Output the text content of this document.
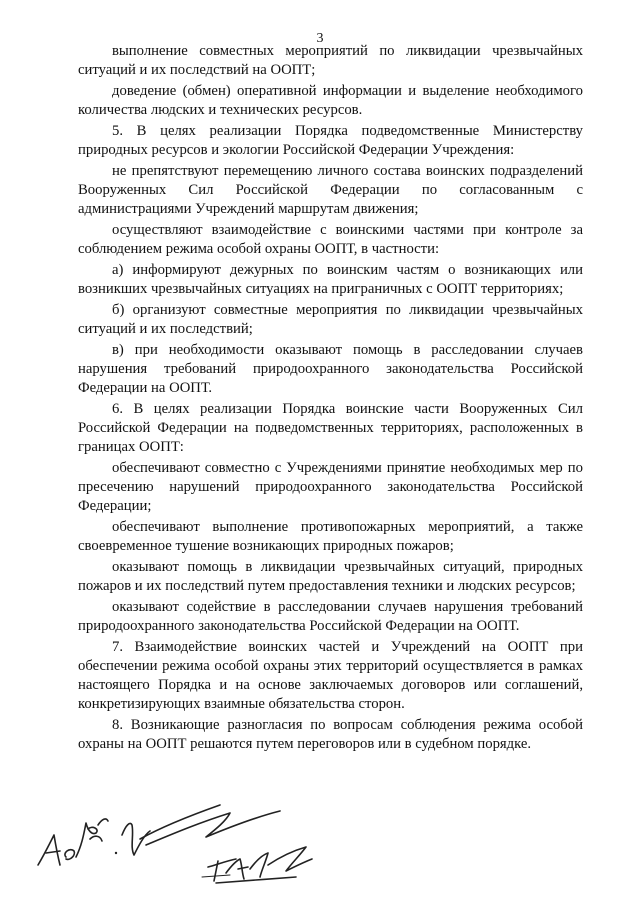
3

выполнение совместных мероприятий по ликвидации чрезвычайных ситуаций и их последствий на ООПТ;

доведение (обмен) оперативной информации и выделение необходимого количества людских и технических ресурсов.

5. В целях реализации Порядка подведомственные Министерству природных ресурсов и экологии Российской Федерации Учреждения:

не препятствуют перемещению личного состава воинских подразделений Вооруженных Сил Российской Федерации по согласованным с администрациями Учреждений маршрутам движения;

осуществляют взаимодействие с воинскими частями при контроле за соблюдением режима особой охраны ООПТ, в частности:

а) информируют дежурных по воинским частям о возникающих или возникших чрезвычайных ситуациях на приграничных с ООПТ территориях;

б) организуют совместные мероприятия по ликвидации чрезвычайных ситуаций и их последствий;

в) при необходимости оказывают помощь в расследовании случаев нарушения требований природоохранного законодательства Российской Федерации на ООПТ.

6. В целях реализации Порядка воинские части Вооруженных Сил Российской Федерации на подведомственных территориях, расположенных в границах ООПТ:

обеспечивают совместно с Учреждениями принятие необходимых мер по пресечению нарушений природоохранного законодательства Российской Федерации;

обеспечивают выполнение противопожарных мероприятий, а также своевременное тушение возникающих природных пожаров;

оказывают помощь в ликвидации чрезвычайных ситуаций, природных пожаров и их последствий путем предоставления техники и людских ресурсов;

оказывают содействие в расследовании случаев нарушения требований природоохранного законодательства Российской Федерации на ООПТ.

7. Взаимодействие воинских частей и Учреждений на ООПТ при обеспечении режима особой охраны этих территорий осуществляется в рамках настоящего Порядка и на основе заключаемых договоров или соглашений, конкретизирующих взаимные обязательства сторон.

8. Возникающие разногласия по вопросам соблюдения режима особой охраны на ООПТ решаются путем переговоров или в судебном порядке.
